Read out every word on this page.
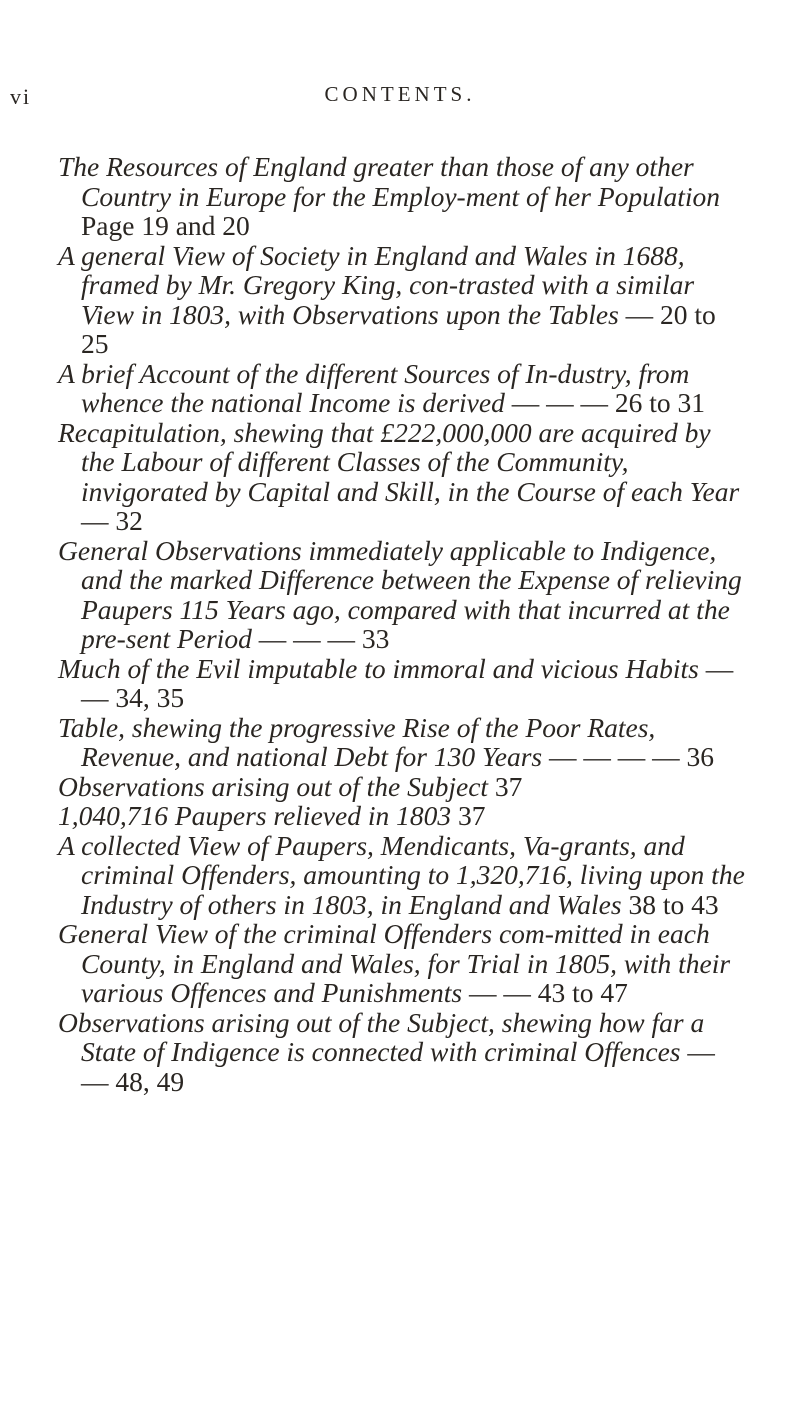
vi	CONTENTS.
The Resources of England greater than those of any other Country in Europe for the Employ-ment of her Population Page 19 and 20
A general View of Society in England and Wales in 1688, framed by Mr. Gregory King, con-trasted with a similar View in 1803, with Observations upon the Tables — 20 to 25
A brief Account of the different Sources of In-dustry, from whence the national Income is derived — — — 26 to 31
Recapitulation, shewing that £222,000,000 are acquired by the Labour of different Classes of the Community, invigorated by Capital and Skill, in the Course of each Year — 32
General Observations immediately applicable to Indigence, and the marked Difference between the Expense of relieving Paupers 115 Years ago, compared with that incurred at the pre-sent Period — — — 33
Much of the Evil imputable to immoral and vicious Habits — — 34, 35
Table, shewing the progressive Rise of the Poor Rates, Revenue, and national Debt for 130 Years — — — — 36
Observations arising out of the Subject 37
1,040,716 Paupers relieved in 1803 37
A collected View of Paupers, Mendicants, Va-grants, and criminal Offenders, amounting to 1,320,716, living upon the Industry of others in 1803, in England and Wales 38 to 43
General View of the criminal Offenders com-mitted in each County, in England and Wales, for Trial in 1805, with their various Offences and Punishments — — 43 to 47
Observations arising out of the Subject, shewing how far a State of Indigence is connected with criminal Offences — — 48, 49
